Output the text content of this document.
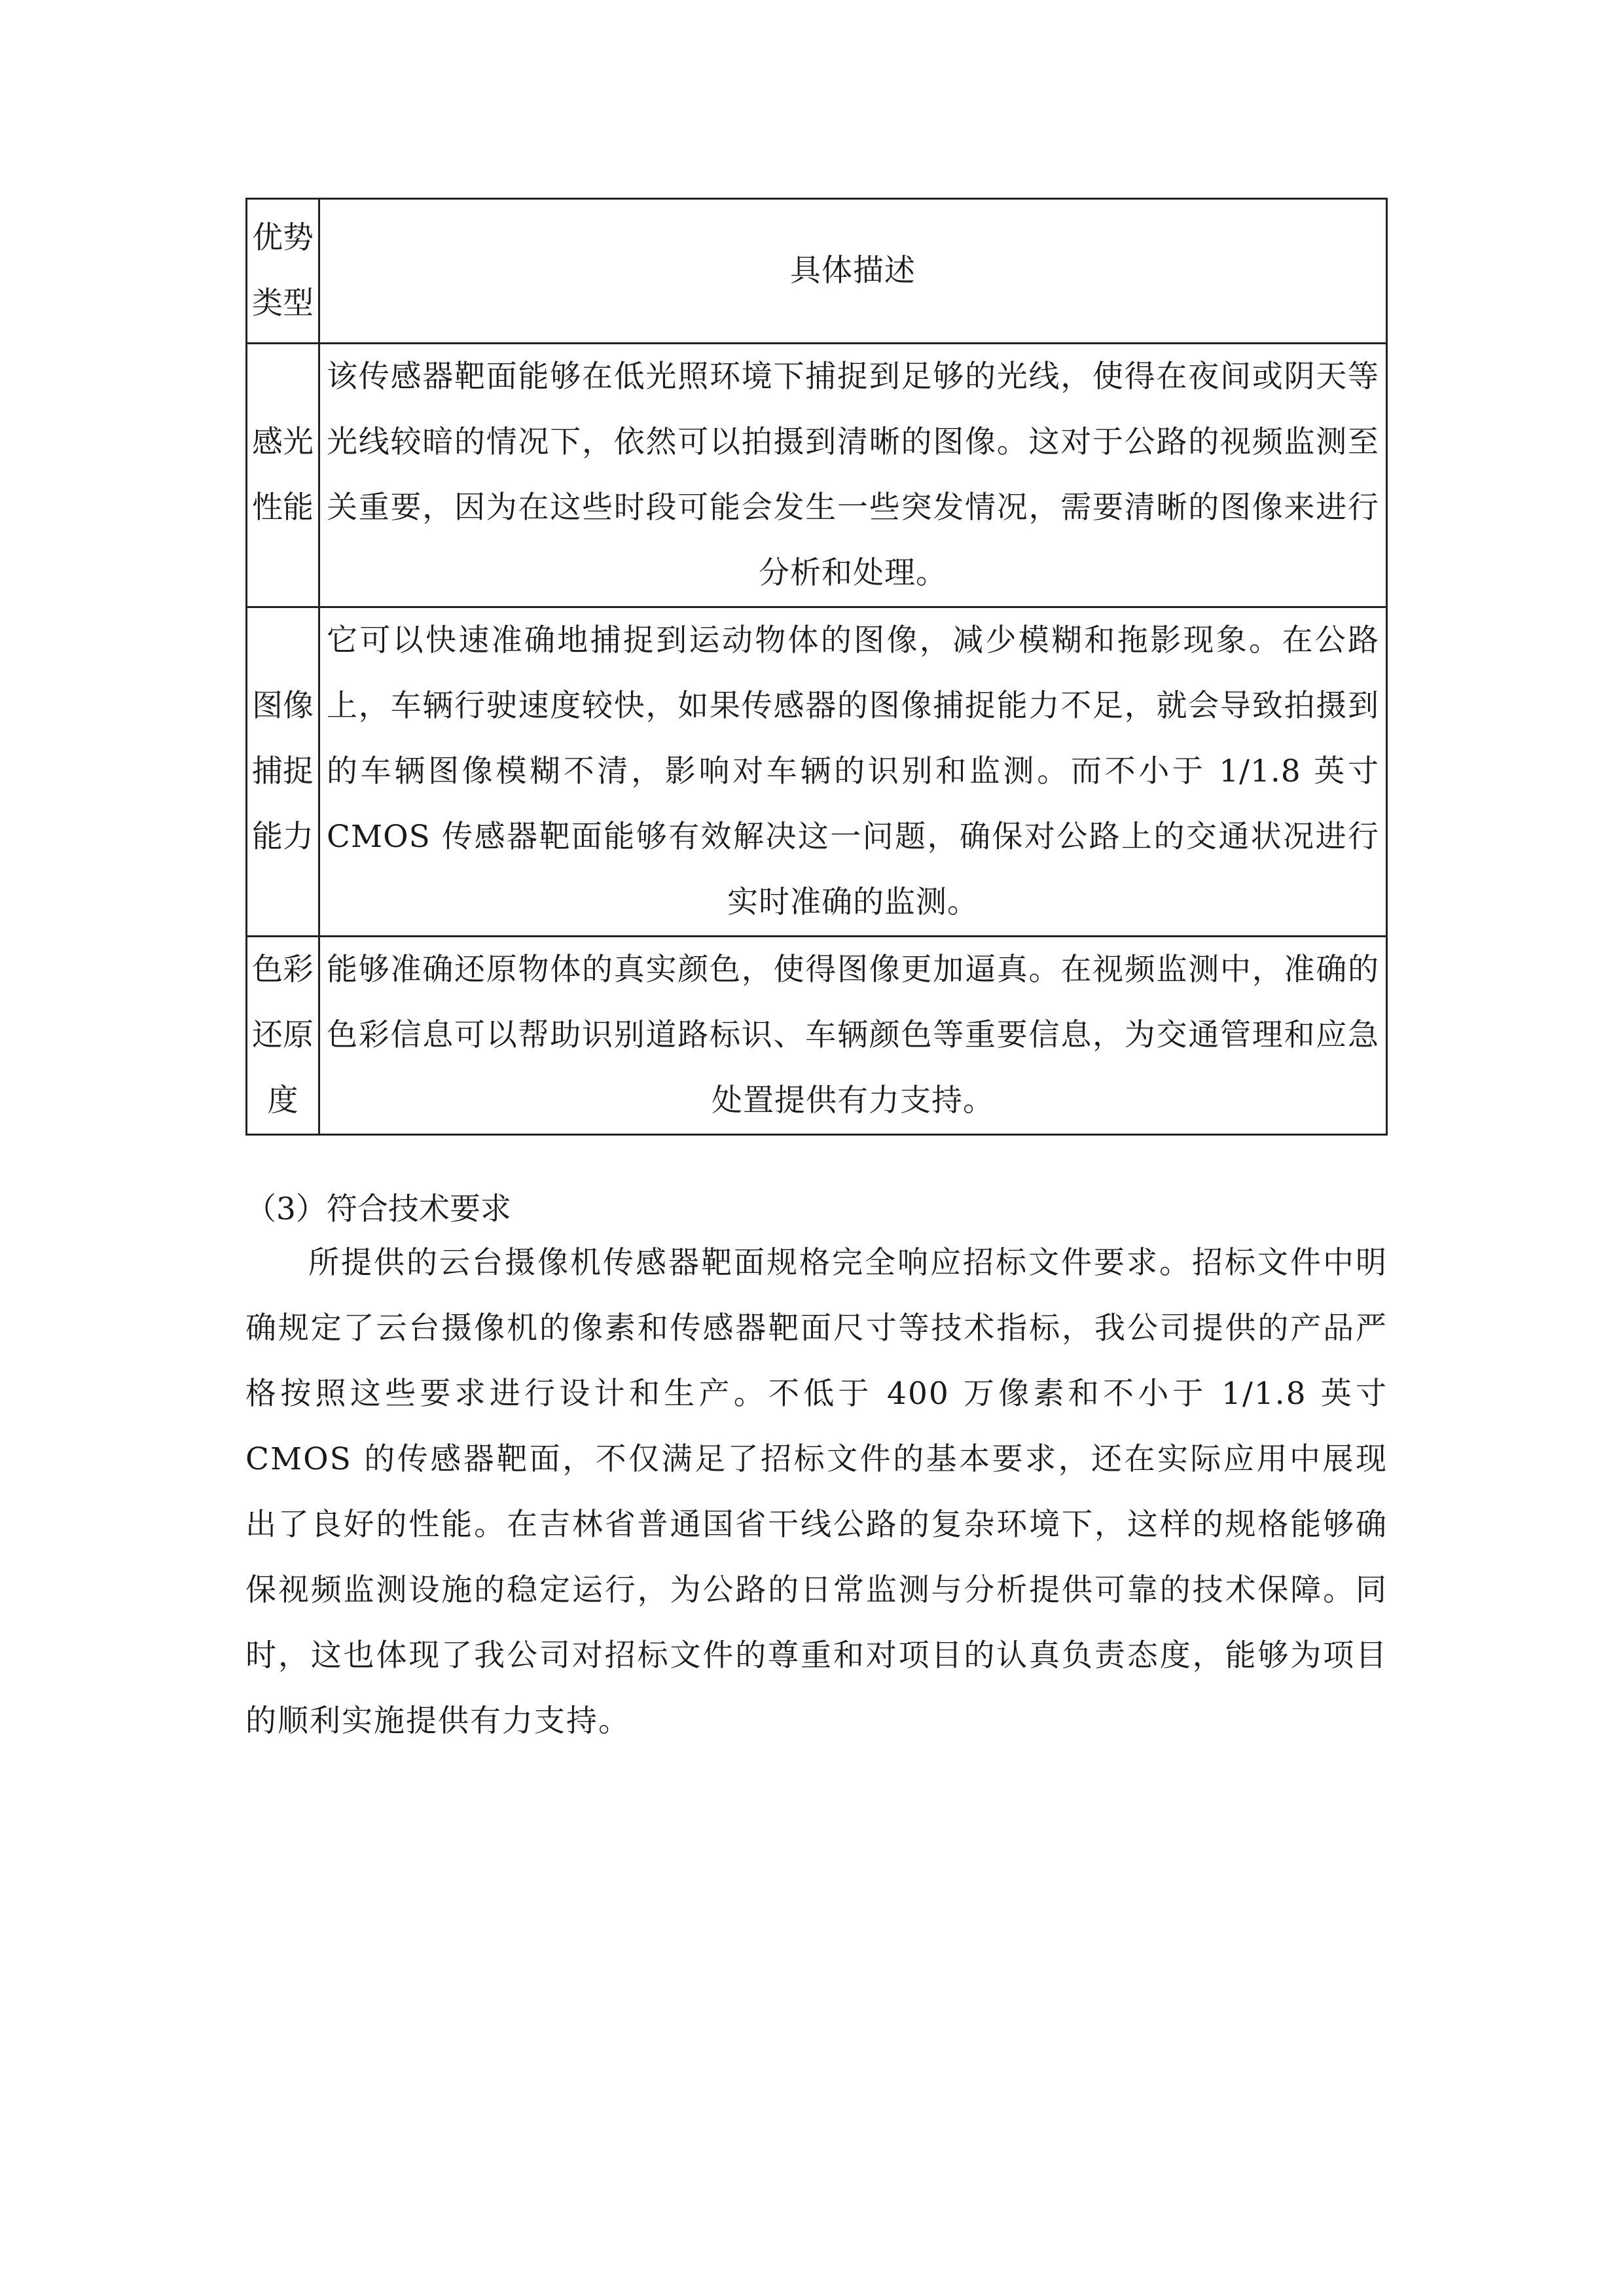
优势类型	具体描述
感光性能	该传感器靶面能够在低光照环境下捕捉到足够的光线，使得在夜间或阴天等光线较暗的情况下，依然可以拍摄到清晰的图像。这对于公路的视频监测至关重要，因为在这些时段可能会发生一些突发情况，需要清晰的图像来进行分析和处理。
图像捕捉能力	它可以快速准确地捕捉到运动物体的图像，减少模糊和拖影现象。在公路上，车辆行驶速度较快，如果传感器的图像捕捉能力不足，就会导致拍摄到的车辆图像模糊不清，影响对车辆的识别和监测。而不小于 1/1.8 英寸 CMOS 传感器靶面能够有效解决这一问题，确保对公路上的交通状况进行实时准确的监测。
色彩还原度	能够准确还原物体的真实颜色，使得图像更加逼真。在视频监测中，准确的色彩信息可以帮助识别道路标识、车辆颜色等重要信息，为交通管理和应急处置提供有力支持。
（3）符合技术要求

所提供的云台摄像机传感器靶面规格完全响应招标文件要求。招标文件中明确规定了云台摄像机的像素和传感器靶面尺寸等技术指标，我公司提供的产品严格按照这些要求进行设计和生产。不低于 400 万像素和不小于 1/1.8 英寸 CMOS 的传感器靶面，不仅满足了招标文件的基本要求，还在实际应用中展现出了良好的性能。在吉林省普通国省干线公路的复杂环境下，这样的规格能够确保视频监测设施的稳定运行，为公路的日常监测与分析提供可靠的技术保障。同时，这也体现了我公司对招标文件的尊重和对项目的认真负责态度，能够为项目的顺利实施提供有力支持。
